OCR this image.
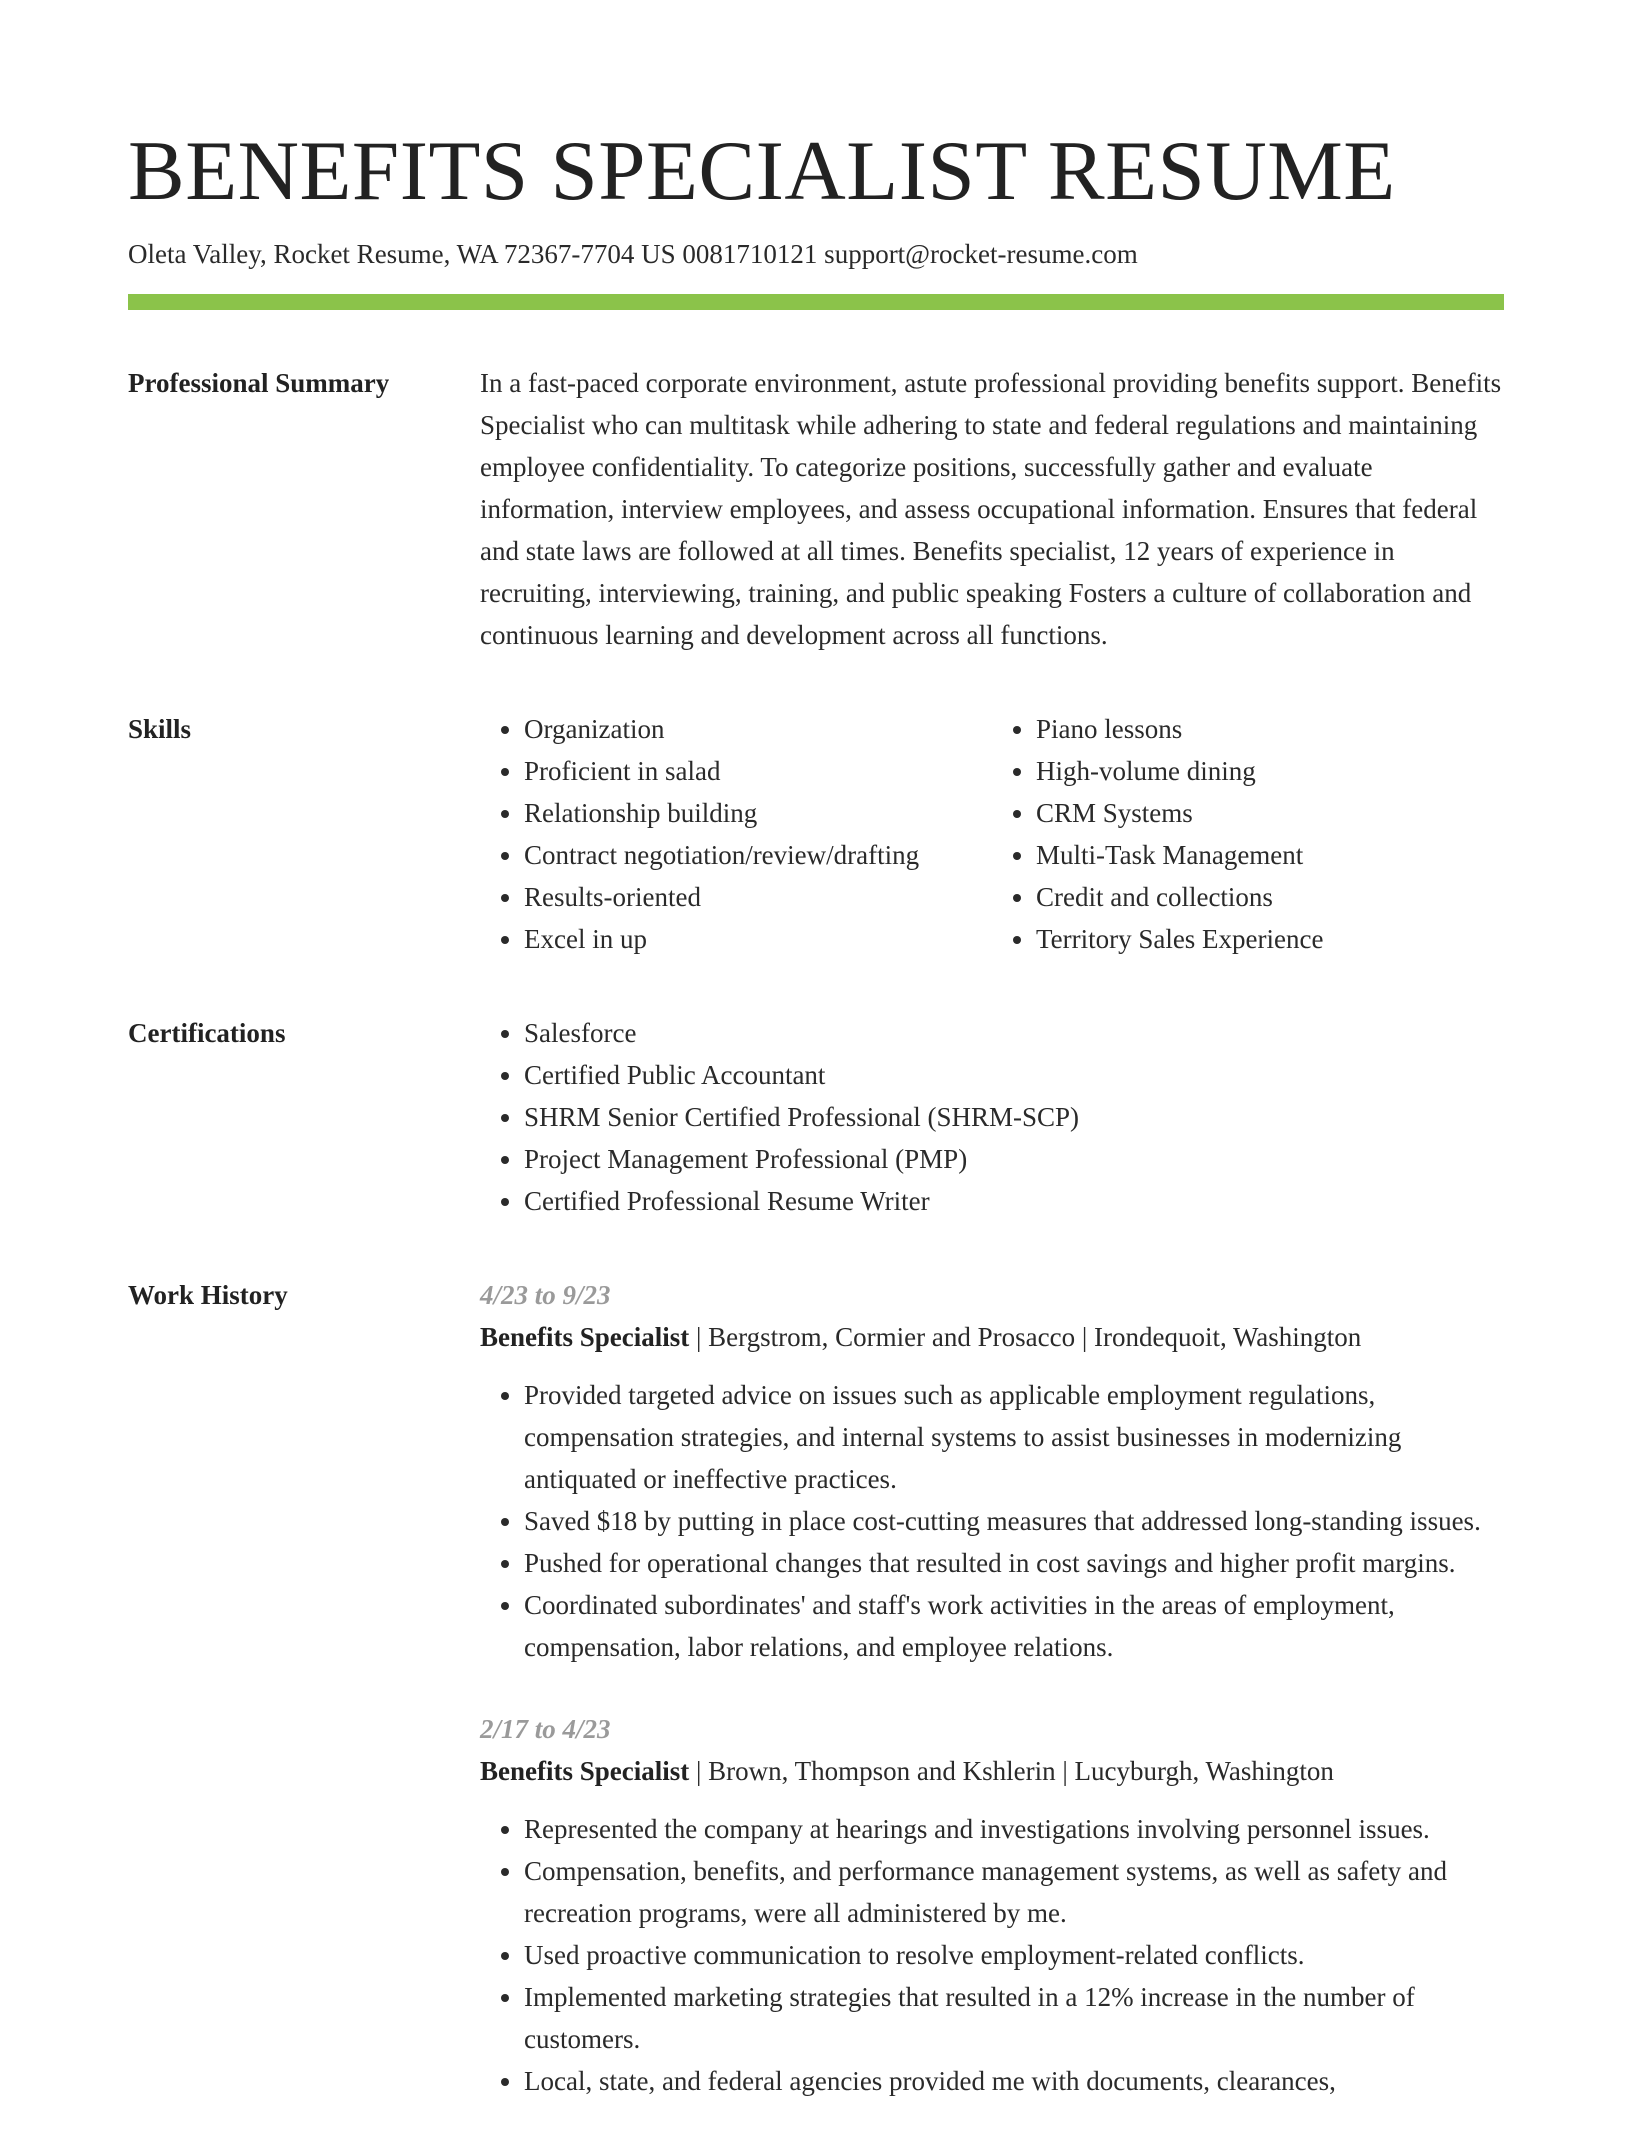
BENEFITS SPECIALIST RESUME
Oleta Valley, Rocket Resume, WA 72367-7704 US 0081710121 support@rocket-resume.com
Professional Summary	In a fast-paced corporate environment, astute professional providing benefits support. Benefits Specialist who can multitask while adhering to state and federal regulations and maintaining employee confidentiality. To categorize positions, successfully gather and evaluate information, interview employees, and assess occupational information. Ensures that federal and state laws are followed at all times. Benefits specialist, 12 years of experience in recruiting, interviewing, training, and public speaking Fosters a culture of collaboration and continuous learning and development across all functions.

Skills	• Organization
• Proficient in salad
• Relationship building
• Contract negotiation/review/drafting
• Results-oriented
• Excel in up
• Piano lessons
• High-volume dining
• CRM Systems
• Multi-Task Management
• Credit and collections
• Territory Sales Experience
Certifications	• Salesforce
• Certified Public Accountant
• SHRM Senior Certified Professional (SHRM-SCP)
• Project Management Professional (PMP)
• Certified Professional Resume Writer
Work History	4/23 to 9/23
Benefits Specialist | Bergstrom, Cormier and Prosacco | Irondequoit, Washington
• Provided targeted advice on issues such as applicable employment regulations, compensation strategies, and internal systems to assist businesses in modernizing antiquated or ineffective practices.
• Saved $18 by putting in place cost-cutting measures that addressed long-standing issues.
• Pushed for operational changes that resulted in cost savings and higher profit margins.
• Coordinated subordinates' and staff's work activities in the areas of employment, compensation, labor relations, and employee relations.
2/17 to 4/23
Benefits Specialist | Brown, Thompson and Kshlerin | Lucyburgh, Washington
• Represented the company at hearings and investigations involving personnel issues.
• Compensation, benefits, and performance management systems, as well as safety and recreation programs, were all administered by me.
• Used proactive communication to resolve employment-related conflicts.
• Implemented marketing strategies that resulted in a 12% increase in the number of customers.
• Local, state, and federal agencies provided me with documents, clearances,
